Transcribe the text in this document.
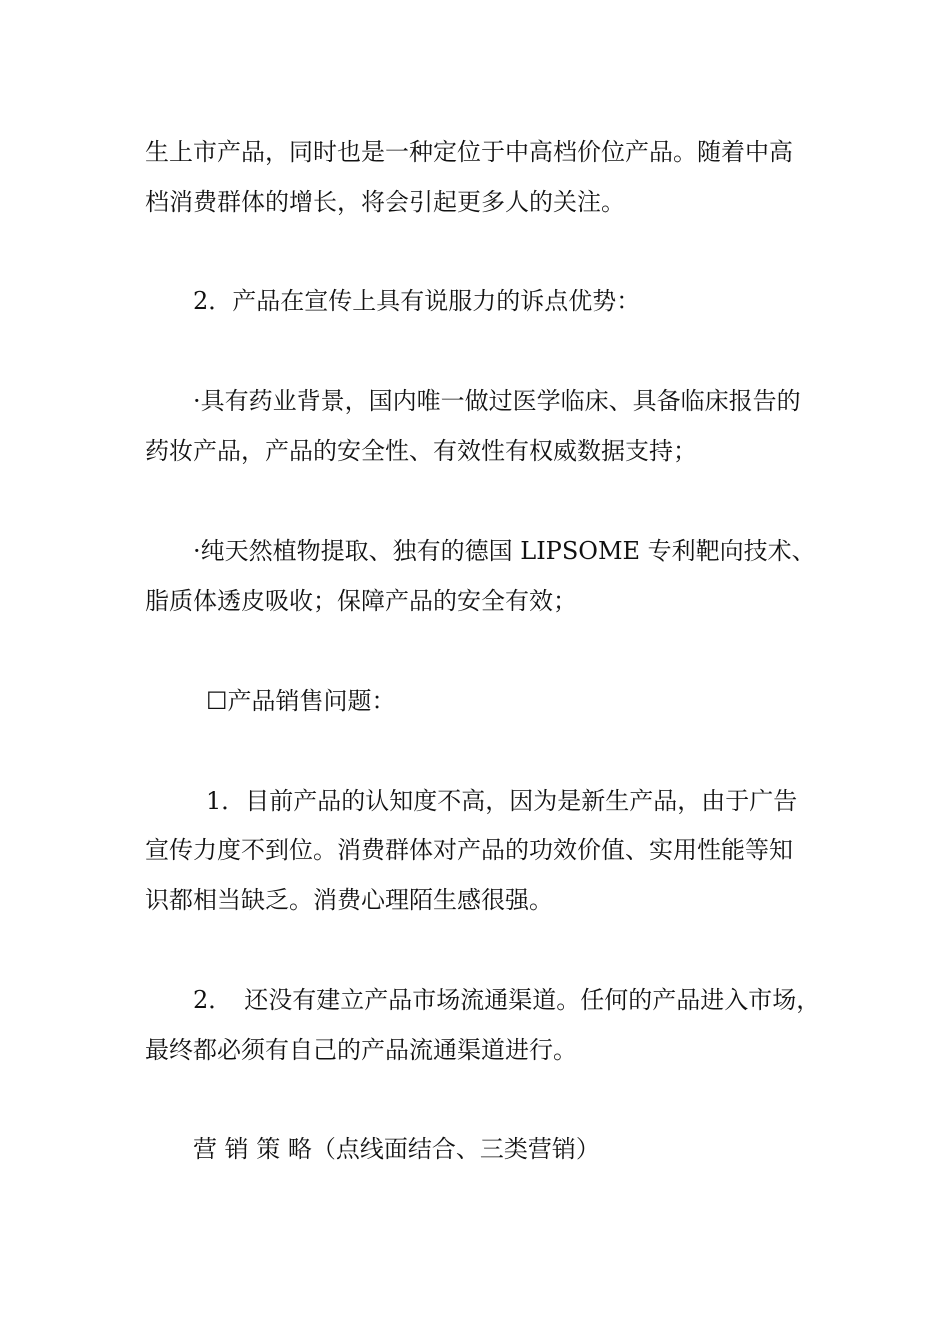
生上市产品，同时也是一种定位于中高档价位产品。随着中高
档消费群体的增长，将会引起更多人的关注。
2．产品在宣传上具有说服力的诉点优势：
·具有药业背景，国内唯一做过医学临床、具备临床报告的
药妆产品，产品的安全性、有效性有权威数据支持；
·纯天然植物提取、独有的德国 LIPSOME 专利靶向技术、
脂质体透皮吸收；保障产品的安全有效；
☐产品销售问题：
1．目前产品的认知度不高，因为是新生产品，由于广告
宣传力度不到位。消费群体对产品的功效价值、实用性能等知
识都相当缺乏。消费心理陌生感很强。
2．　还没有建立产品市场流通渠道。任何的产品进入市场，
最终都必须有自己的产品流通渠道进行。
营 销 策 略（点线面结合、三类营销）
